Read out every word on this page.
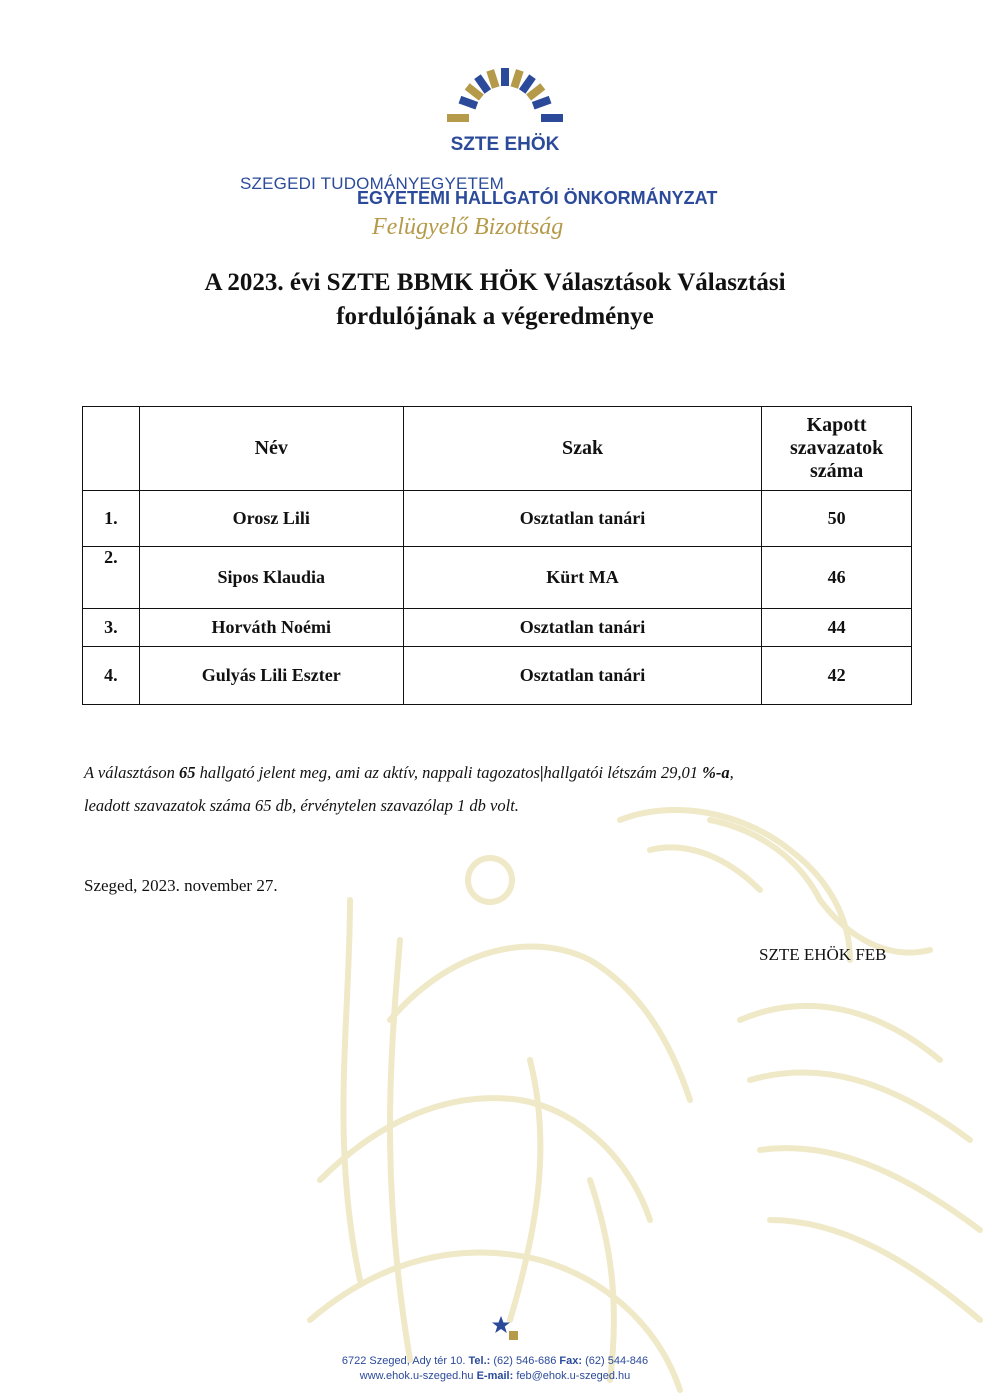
SZTE EHÖK
SZEGEDI TUDOMÁNYEGYETEM
EGYETEMI HALLGATÓI ÖNKORMÁNYZAT
Felügyelő Bizottság
A 2023. évi SZTE BBMK HÖK Választások Választási
fordulójának a végeredménye
	Név	Szak	Kapott
szavazatok
száma

1.	Orosz Lili	Osztatlan tanári	50
2.	Sipos Klaudia	Kürt MA	46
3.	Horváth Noémi	Osztatlan tanári	44
4.	Gulyás Lili Eszter	Osztatlan tanári	42
A választáson 65 hallgató jelent meg, ami az aktív, nappali tagozatos|hallgatói létszám 29,01 %-a,
leadott szavazatok száma 65 db, érvénytelen szavazólap 1 db volt.
Szeged, 2023. november 27.
SZTE EHÖK FEB
6722 Szeged, Ady tér 10. Tel.: (62) 546-686 Fax: (62) 544-846
www.ehok.u-szeged.hu E-mail: feb@ehok.u-szeged.hu
